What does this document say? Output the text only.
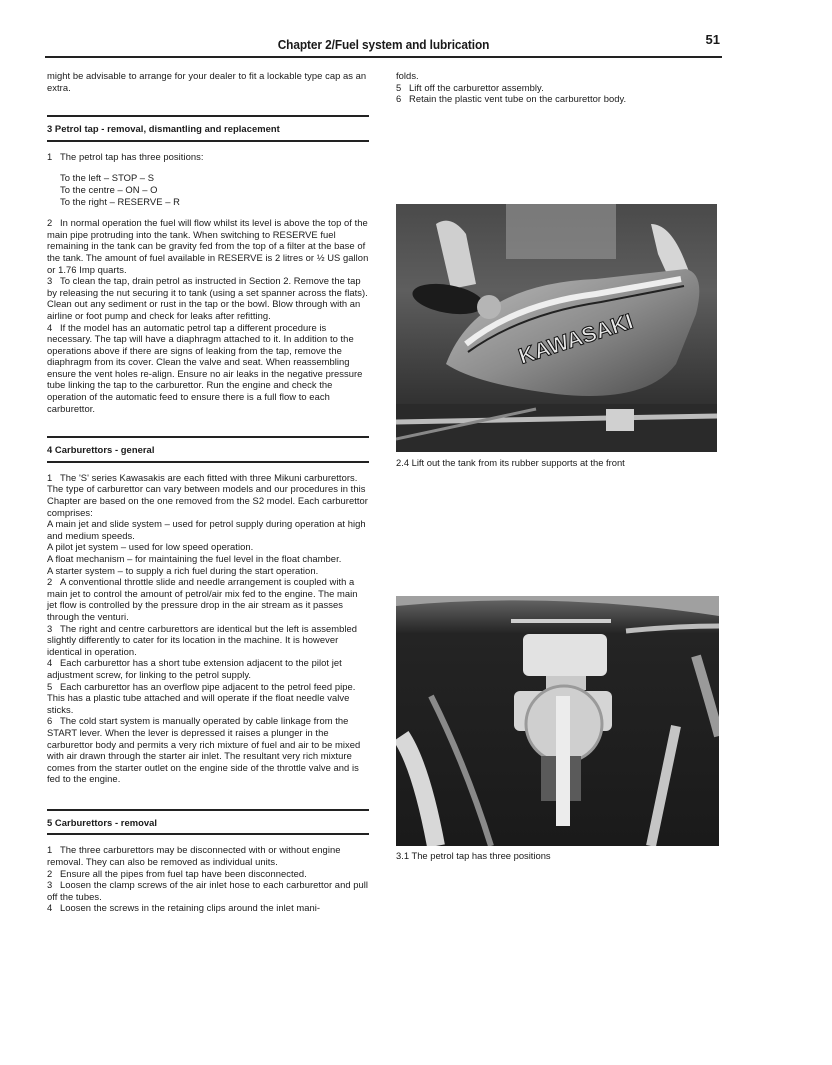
Chapter 2/Fuel system and lubrication	51

might be advisable to arrange for your dealer to fit a lockable type cap as an extra.

3 Petrol tap - removal, dismantling and replacement

1 The petrol tap has three positions:

To the left – STOP – S
To the centre – ON – O
To the right – RESERVE – R

2 In normal operation the fuel will flow whilst its level is above the top of the main pipe protruding into the tank. When switching to RESERVE fuel remaining in the tank can be gravity fed from the top of a filter at the base of the tank. The amount of fuel available in RESERVE is 2 litres or ½ US gallon or 1.76 Imp quarts.

3 To clean the tap, drain petrol as instructed in Section 2. Remove the tap by releasing the nut securing it to tank (using a set spanner across the flats). Clean out any sediment or rust in the tap or the bowl. Blow through with an airline or foot pump and check for leaks after refitting.

4 If the model has an automatic petrol tap a different procedure is necessary. The tap will have a diaphragm attached to it. In addition to the operations above if there are signs of leaking from the tap, remove the diaphragm from its cover. Clean the valve and seat. When reassembling ensure the vent holes re-align. Ensure no air leaks in the negative pressure tube linking the tap to the carburettor. Run the engine and check the operation of the automatic feed to ensure there is a full flow to each carburettor.

4 Carburettors - general

1 The 'S' series Kawasakis are each fitted with three Mikuni carburettors. The type of carburettor can vary between models and our procedures in this Chapter are based on the one removed from the S2 model. Each carburettor comprises:

A main jet and slide system – used for petrol supply during operation at high and medium speeds.

A pilot jet system – used for low speed operation.

A float mechanism – for maintaining the fuel level in the float chamber.

A starter system – to supply a rich fuel during the start operation.

2 A conventional throttle slide and needle arrangement is coupled with a main jet to control the amount of petrol/air mix fed to the engine. The main jet flow is controlled by the pressure drop in the air stream as it passes through the venturi.

3 The right and centre carburettors are identical but the left is assembled slightly differently to cater for its location in the machine. It is however identical in operation.

4 Each carburettor has a short tube extension adjacent to the pilot jet adjustment screw, for linking to the petrol supply.

5 Each carburettor has an overflow pipe adjacent to the petrol feed pipe. This has a plastic tube attached and will operate if the float needle valve sticks.

6 The cold start system is manually operated by cable linkage from the START lever. When the lever is depressed it raises a plunger in the carburettor body and permits a very rich mixture of fuel and air to be mixed with air drawn through the starter air inlet. The resultant very rich mixture comes from the starter outlet on the engine side of the throttle valve and is fed to the engine.

5 Carburettors - removal

1 The three carburettors may be disconnected with or without engine removal. They can also be removed as individual units.

2 Ensure all the pipes from fuel tap have been disconnected.

3 Loosen the clamp screws of the air inlet hose to each carburettor and pull off the tubes.

4 Loosen the screws in the retaining clips around the inlet mani-

folds.

5 Lift off the carburettor assembly.

6 Retain the plastic vent tube on the carburettor body.

KAWASAKI
2.4 Lift out the tank from its rubber supports at the front
3.1 The petrol tap has three positions
